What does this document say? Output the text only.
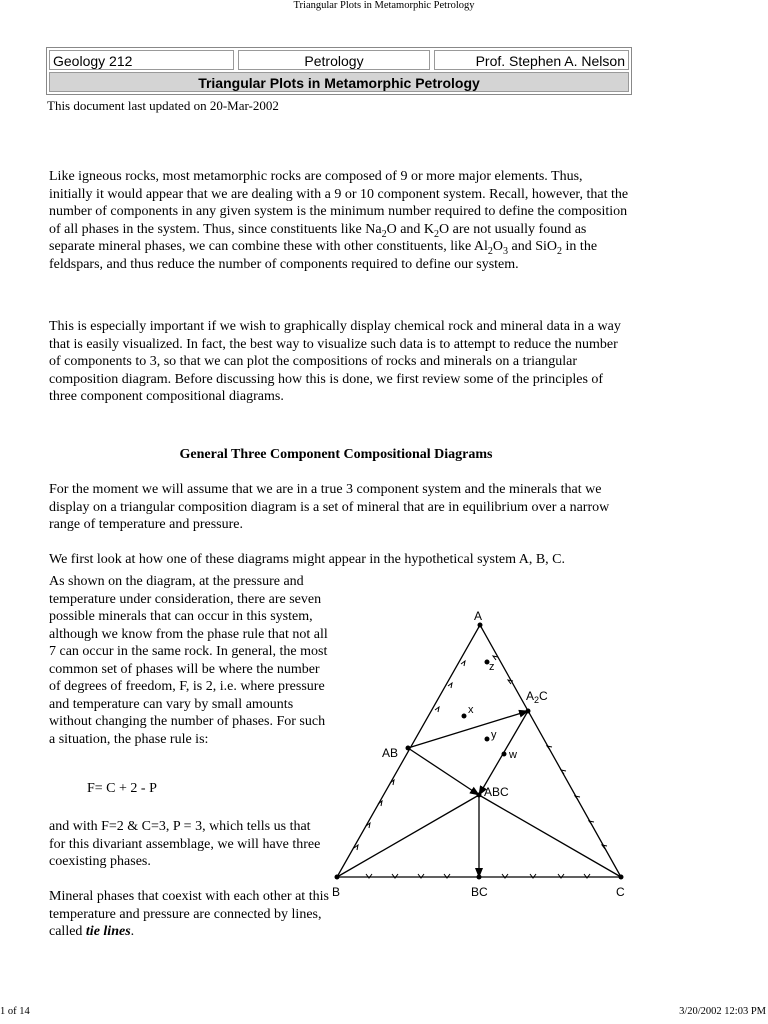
Triangular Plots in Metamorphic Petrology
Geology 212	Petrology	Prof. Stephen A. Nelson
Triangular Plots in Metamorphic Petrology
This document last updated on 20-Mar-2002

Like igneous rocks, most metamorphic rocks are composed of 9 or more major elements. Thus, initially it would appear that we are dealing with a 9 or 10 component system. Recall, however, that the number of components in any given system is the minimum number required to define the composition of all phases in the system. Thus, since constituents like $Na_2O$ and $K_2O$ are not usually found as separate mineral phases, we can combine these with other constituents, like $Al_2O_3$ and SiO$_2$ in the feldspars, and thus reduce the number of components required to define our system.

This is especially important if we wish to graphically display chemical rock and mineral data in a way that is easily visualized. In fact, the best way to visualize such data is to attempt to reduce the number of components to 3, so that we can plot the compositions of rocks and minerals on a triangular composition diagram. Before discussing how this is done, we first review some of the principles of three component compositional diagrams.

General Three Component Compositional Diagrams

For the moment we will assume that we are in a true 3 component system and the minerals that we display on a triangular composition diagram is a set of mineral that are in equilibrium over a narrow range of temperature and pressure.

We first look at how one of these diagrams might appear in the hypothetical system A, B, C.

As shown on the diagram, at the pressure and temperature under consideration, there are seven possible minerals that can occur in this system, although we know from the phase rule that not all 7 can occur in the same rock. In general, the most common set of phases will be where the number of degrees of freedom, F, is 2, i.e. where pressure and temperature can vary by small amounts without changing the number of phases. For such a situation, the phase rule is:
F= C + 2 - P
and with F=2 & C=3, P = 3, which tells us that for this divariant assemblage, we will have three coexisting phases.
Mineral phases that coexist with each other at this temperature and pressure are connected by lines, called tie lines.
A
B	C
$A_2C$
AB
ABC
BC
z
x
y
w
1 of 14	3/20/2002 12:03 PM
